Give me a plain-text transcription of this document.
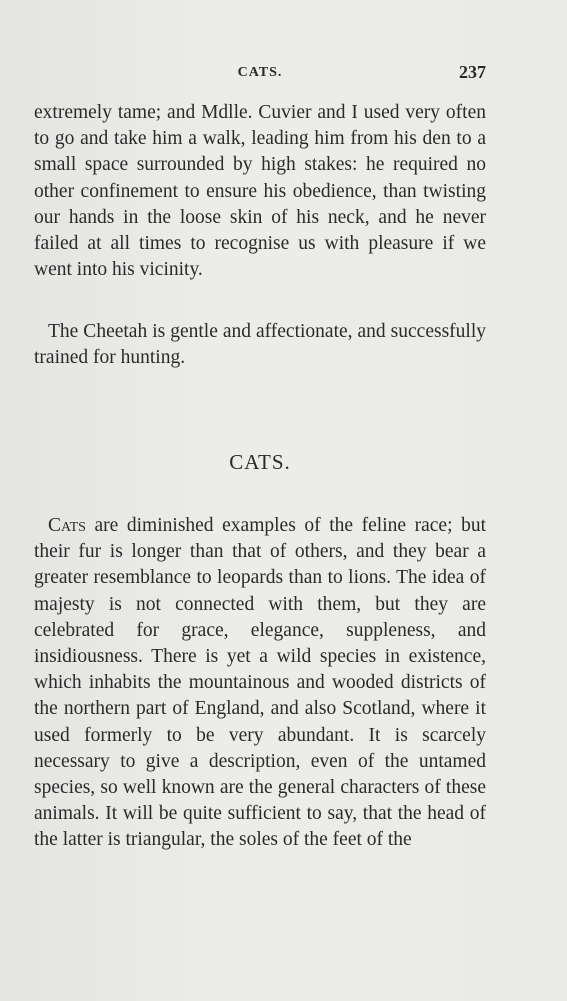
CATS.	237

extremely tame; and Mdlle. Cuvier and I used very often to go and take him a walk, leading him from his den to a small space surrounded by high stakes: he required no other confinement to ensure his obedience, than twisting our hands in the loose skin of his neck, and he never failed at all times to recognise us with pleasure if we went into his vicinity.

The Cheetah is gentle and affectionate, and successfully trained for hunting.

CATS.

Cats are diminished examples of the feline race; but their fur is longer than that of others, and they bear a greater resemblance to leopards than to lions. The idea of majesty is not connected with them, but they are celebrated for grace, elegance, suppleness, and insidiousness. There is yet a wild species in existence, which inhabits the mountainous and wooded districts of the northern part of England, and also Scotland, where it used formerly to be very abundant. It is scarcely necessary to give a description, even of the untamed species, so well known are the general characters of these animals. It will be quite sufficient to say, that the head of the latter is triangular, the soles of the feet of the
